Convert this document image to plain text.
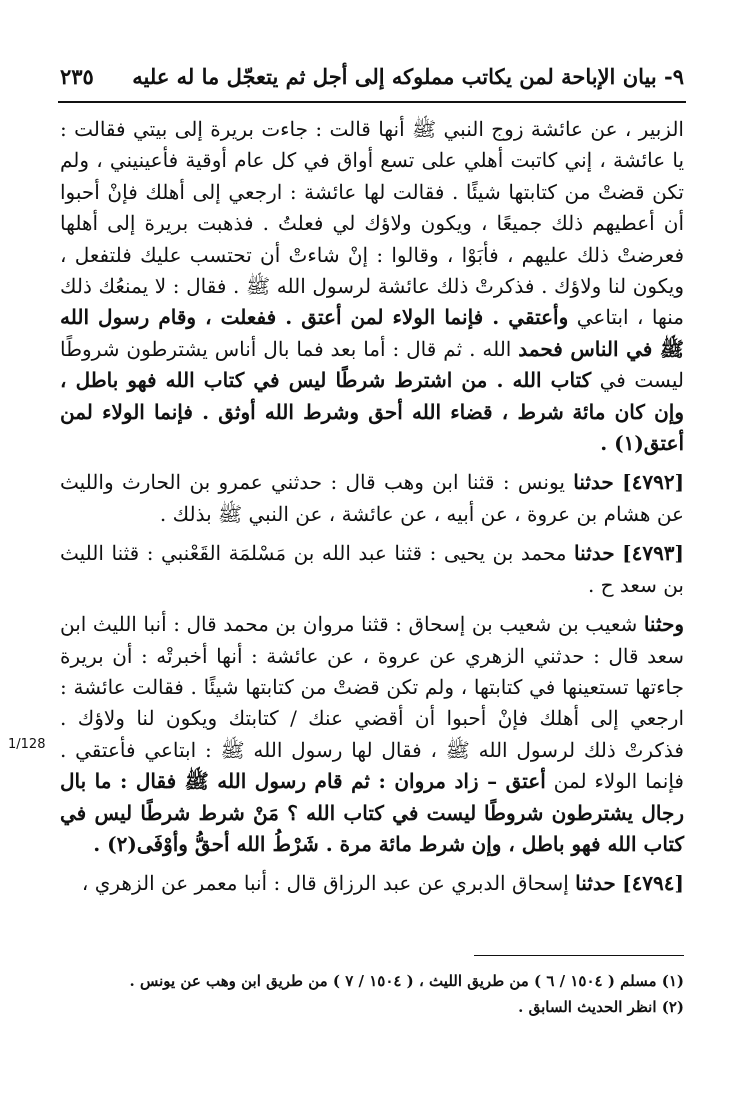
٩- بيان الإباحة لمن يكاتب مملوكه إلى أجل ثم يتعجّل ما له عليه
٢٣٥

الزبير ، عن عائشة زوج النبي ﷺ أنها قالت : جاءت بريرة إلى بيتي فقالت : يا عائشة ، إني كاتبت أهلي على تسع أواق في كل عام أوقية فأعينيني ، ولم تكن قضتْ من كتابتها شيئًا . فقالت لها عائشة : ارجعي إلى أهلك فإنْ أحبوا أن أعطيهم ذلك جميعًا ، ويكون ولاؤك لي فعلتُ . فذهبت بريرة إلى أهلها فعرضتْ ذلك عليهم ، فأبَوْا ، وقالوا : إنْ شاءتْ أن تحتسب عليك فلتفعل ، ويكون لنا ولاؤك . فذكرتْ ذلك عائشة لرسول الله ﷺ . فقال : لا يمنعُك ذلك منها ، ابتاعي وأعتقي . فإنما الولاء لمن أعتق . ففعلت ، وقام رسول الله ﷺ في الناس فحمد الله . ثم قال : أما بعد فما بال أناس يشترطون شروطًا ليست في كتاب الله . من اشترط شرطًا ليس في كتاب الله فهو باطل ، وإن كان مائة شرط ، قضاء الله أحق وشرط الله أوثق . فإنما الولاء لمن أعتق(١) .

[٤٧٩٢] حدثنا يونس : قثنا ابن وهب قال : حدثني عمرو بن الحارث والليث عن هشام بن عروة ، عن أبيه ، عن عائشة ، عن النبي ﷺ بذلك .

[٤٧٩٣] حدثنا محمد بن يحيى : قثنا عبد الله بن مَسْلمَة القَعْنبي : قثنا الليث بن سعد ح .

وحثنا شعيب بن شعيب بن إسحاق : قثنا مروان بن محمد قال : أنبا الليث ابن سعد قال : حدثني الزهري عن عروة ، عن عائشة : أنها أخبرتْه : أن بريرة جاءتها تستعينها في كتابتها ، ولم تكن قضتْ من كتابتها شيئًا . فقالت عائشة : ارجعي إلى أهلك فإنْ أحبوا أن أقضي عنك / كتابتك ويكون لنا ولاؤك . فذكرتْ ذلك لرسول الله ﷺ ، فقال لها رسول الله ﷺ : ابتاعي فأعتقي . فإنما الولاء لمن أعتق – زاد مروان : ثم قام رسول الله ﷺ فقال : ما بال رجال يشترطون شروطًا ليست في كتاب الله ؟ مَنْ شرط شرطًا ليس في كتاب الله فهو باطل ، وإن شرط مائة مرة . شَرْطُ الله أحقُّ وأوْفَى(٢) .

[٤٧٩٤] حدثنا إسحاق الدبري عن عبد الرزاق قال : أنبا معمر عن الزهري ،

1/128

(١) مسلم ( ١٥٠٤ / ٦ ) من طريق الليث ، ( ١٥٠٤ / ٧ ) من طريق ابن وهب عن يونس .

(٢) انظر الحديث السابق .
